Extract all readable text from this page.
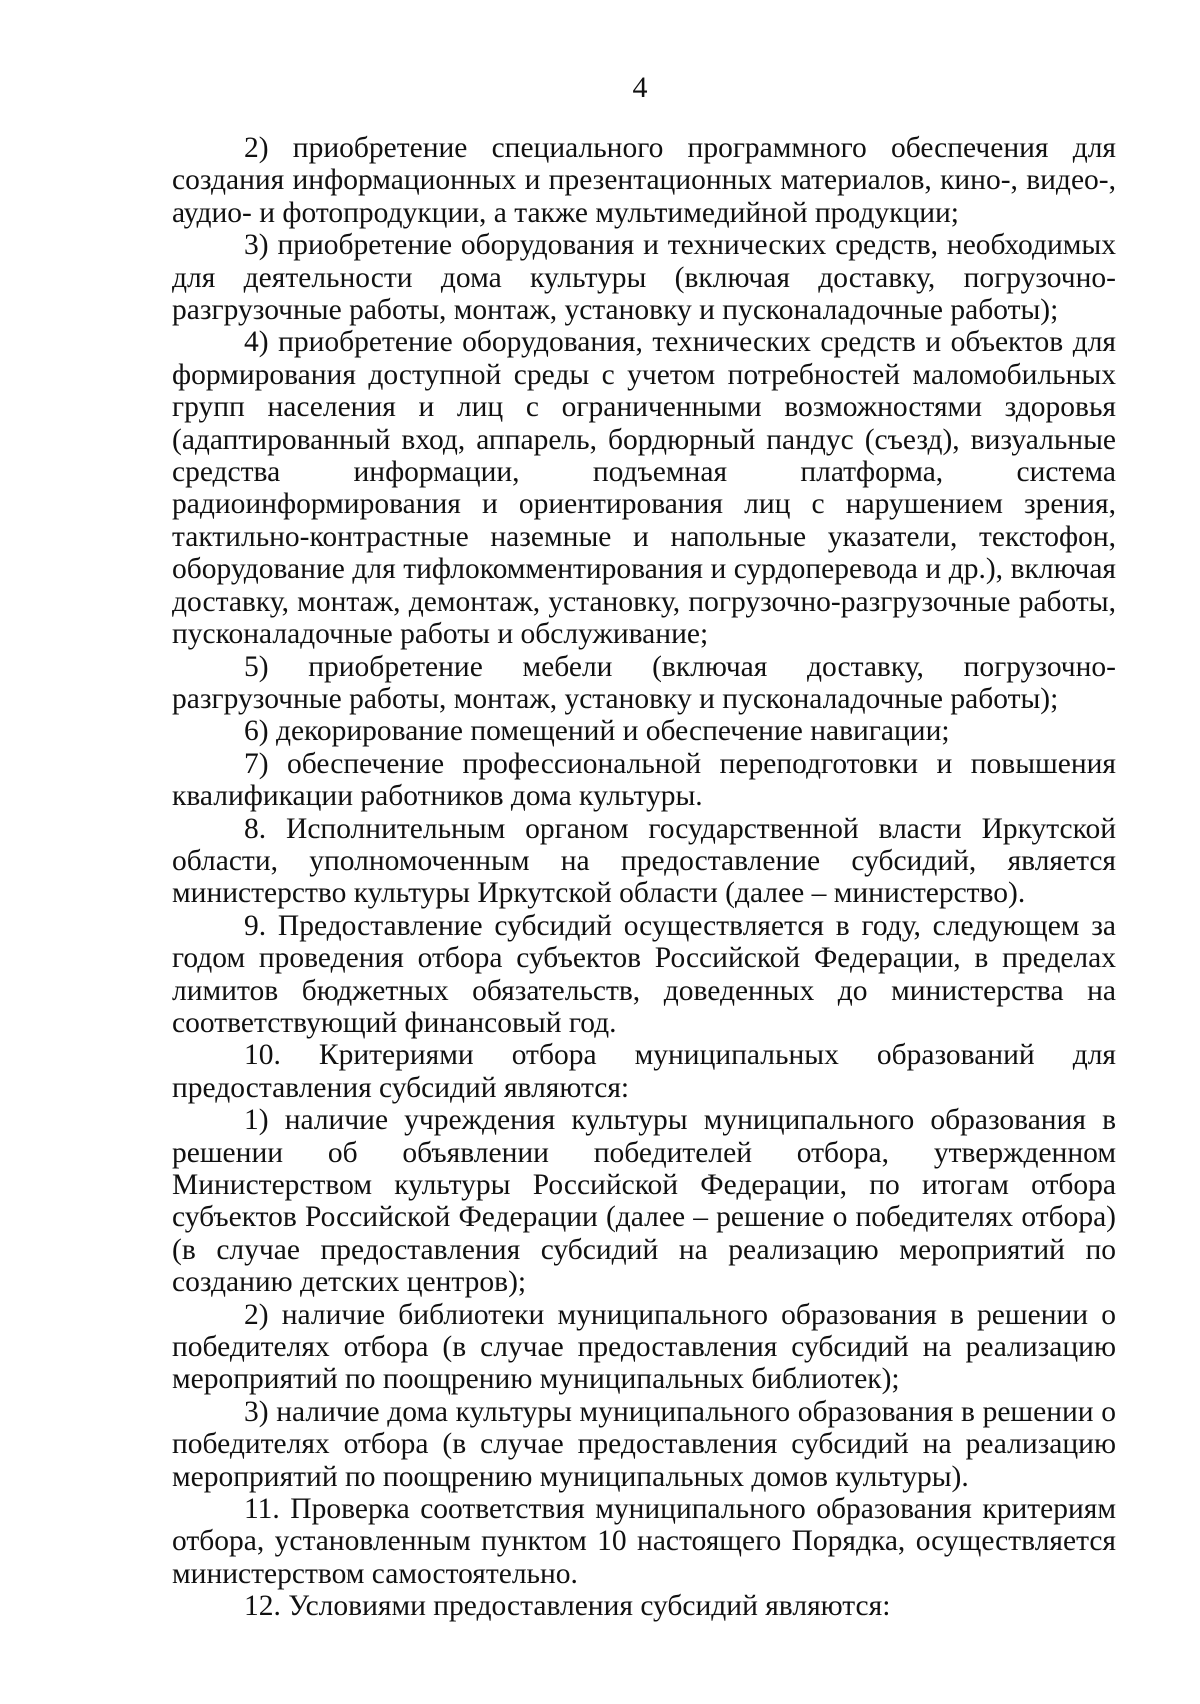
4

2) приобретение специального программного обеспечения для создания информационных и презентационных материалов, кино-, видео-, аудио- и фотопродукции, а также мультимедийной продукции;

3) приобретение оборудования и технических средств, необходимых для деятельности дома культуры (включая доставку, погрузочно-разгрузочные работы, монтаж, установку и пусконаладочные работы);

4) приобретение оборудования, технических средств и объектов для формирования доступной среды с учетом потребностей маломобильных групп населения и лиц с ограниченными возможностями здоровья (адаптированный вход, аппарель, бордюрный пандус (съезд), визуальные средства информации, подъемная платформа, система радиоинформирования и ориентирования лиц с нарушением зрения, тактильно-контрастные наземные и напольные указатели, текстофон, оборудование для тифлокомментирования и сурдоперевода и др.), включая доставку, монтаж, демонтаж, установку, погрузочно-разгрузочные работы, пусконаладочные работы и обслуживание;

5) приобретение мебели (включая доставку, погрузочно-разгрузочные работы, монтаж, установку и пусконаладочные работы);

6) декорирование помещений и обеспечение навигации;

7) обеспечение профессиональной переподготовки и повышения квалификации работников дома культуры.

8. Исполнительным органом государственной власти Иркутской области, уполномоченным на предоставление субсидий, является министерство культуры Иркутской области (далее – министерство).

9. Предоставление субсидий осуществляется в году, следующем за годом проведения отбора субъектов Российской Федерации, в пределах лимитов бюджетных обязательств, доведенных до министерства на соответствующий финансовый год.

10. Критериями отбора муниципальных образований для предоставления субсидий являются:

1) наличие учреждения культуры муниципального образования в решении об объявлении победителей отбора, утвержденном Министерством культуры Российской Федерации, по итогам отбора субъектов Российской Федерации (далее – решение о победителях отбора) (в случае предоставления субсидий на реализацию мероприятий по созданию детских центров);

2) наличие библиотеки муниципального образования в решении о победителях отбора (в случае предоставления субсидий на реализацию мероприятий по поощрению муниципальных библиотек);

3) наличие дома культуры муниципального образования в решении о победителях отбора (в случае предоставления субсидий на реализацию мероприятий по поощрению муниципальных домов культуры).

11. Проверка соответствия муниципального образования критериям отбора, установленным пунктом 10 настоящего Порядка, осуществляется министерством самостоятельно.

12. Условиями предоставления субсидий являются:
